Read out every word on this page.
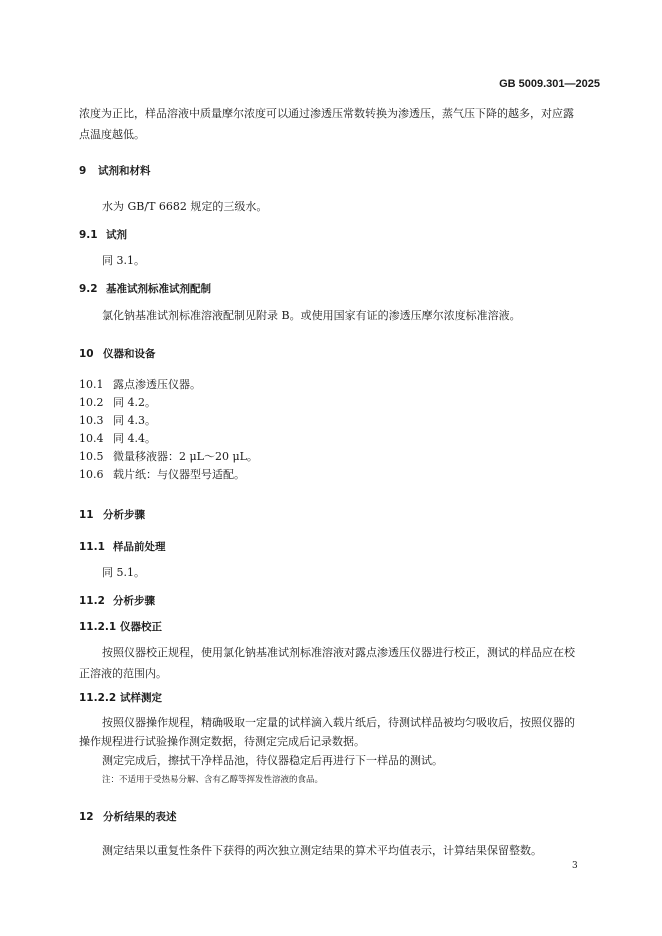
GB 5009.301—2025
浓度为正比，样品溶液中质量摩尔浓度可以通过渗透压常数转换为渗透压，蒸气压下降的越多，对应露
点温度越低。
9 试剂和材料
水为 GB/T 6682 规定的三级水。
9.1 试剂
同 3.1。
9.2 基准试剂标准试剂配制
氯化钠基准试剂标准溶液配制见附录 B。或使用国家有证的渗透压摩尔浓度标准溶液。
10 仪器和设备
10.1 露点渗透压仪器。
10.2 同 4.2。
10.3 同 4.3。
10.4 同 4.4。
10.5 微量移液器：2 μL～20 μL。
10.6 载片纸：与仪器型号适配。
11 分析步骤
11.1 样品前处理
同 5.1。
11.2 分析步骤
11.2.1 仪器校正
按照仪器校正规程，使用氯化钠基准试剂标准溶液对露点渗透压仪器进行校正，测试的样品应在校
正溶液的范围内。
11.2.2 试样测定
按照仪器操作规程，精确吸取一定量的试样滴入载片纸后，待测试样品被均匀吸收后，按照仪器的
操作规程进行试验操作测定数据，待测定完成后记录数据。
测定完成后，擦拭干净样品池，待仪器稳定后再进行下一样品的测试。
注：不适用于受热易分解、含有乙醇等挥发性溶液的食品。
12 分析结果的表述
测定结果以重复性条件下获得的两次独立测定结果的算术平均值表示，计算结果保留整数。
3
